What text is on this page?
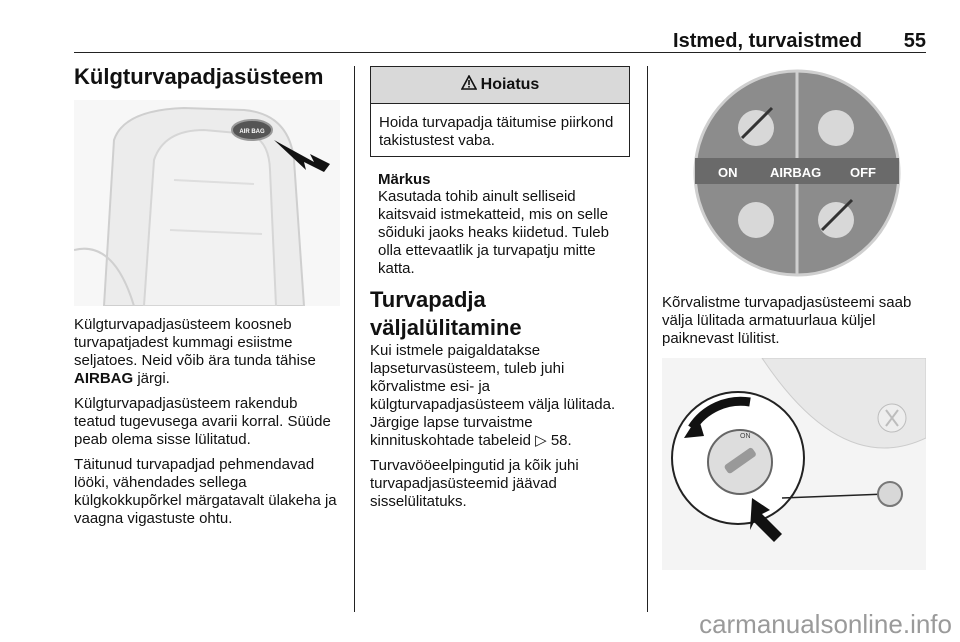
Istmed, turvaistmed 55
Külgturvapadjasüsteem
AIR BAG

Külgturvapadjasüsteem koosneb turvapatjadest kummagi esiistme seljatoes. Neid võib ära tunda tähise AIRBAG järgi.

Külgturvapadjasüsteem rakendub teatud tugevusega avarii korral. Süüde peab olema sisse lülitatud.

Täitunud turvapadjad pehmendavad lööki, vähendades sellega külgkokkupõrkel märgatavalt ülakeha ja vaagna vigastuste ohtu.

Hoiatus
Hoida turvapadja täitumise piirkond takistustest vaba.
Märkus

Kasutada tohib ainult selliseid kaitsvaid istmekatteid, mis on selle sõiduki jaoks heaks kiidetud. Tuleb olla ettevaatlik ja turvapatju mitte katta.

Turvapadja väljalülitamine

Kui istmele paigaldatakse lapseturvasüsteem, tuleb juhi kõrvalistme esi- ja külgturvapadjasüsteem välja lülitada. Järgige lapse turvaistme kinnituskohtade tabeleid ▷ 58.

Turvavööeelpingutid ja kõik juhi turvapadjasüsteemid jäävad sisselülitatuks.

ON	AIRBAG OFF

Kõrvalistme turvapadjasüsteemi saab välja lülitada armatuurlaua küljel paiknevast lülitist.

ON
carmanualsonline.info
